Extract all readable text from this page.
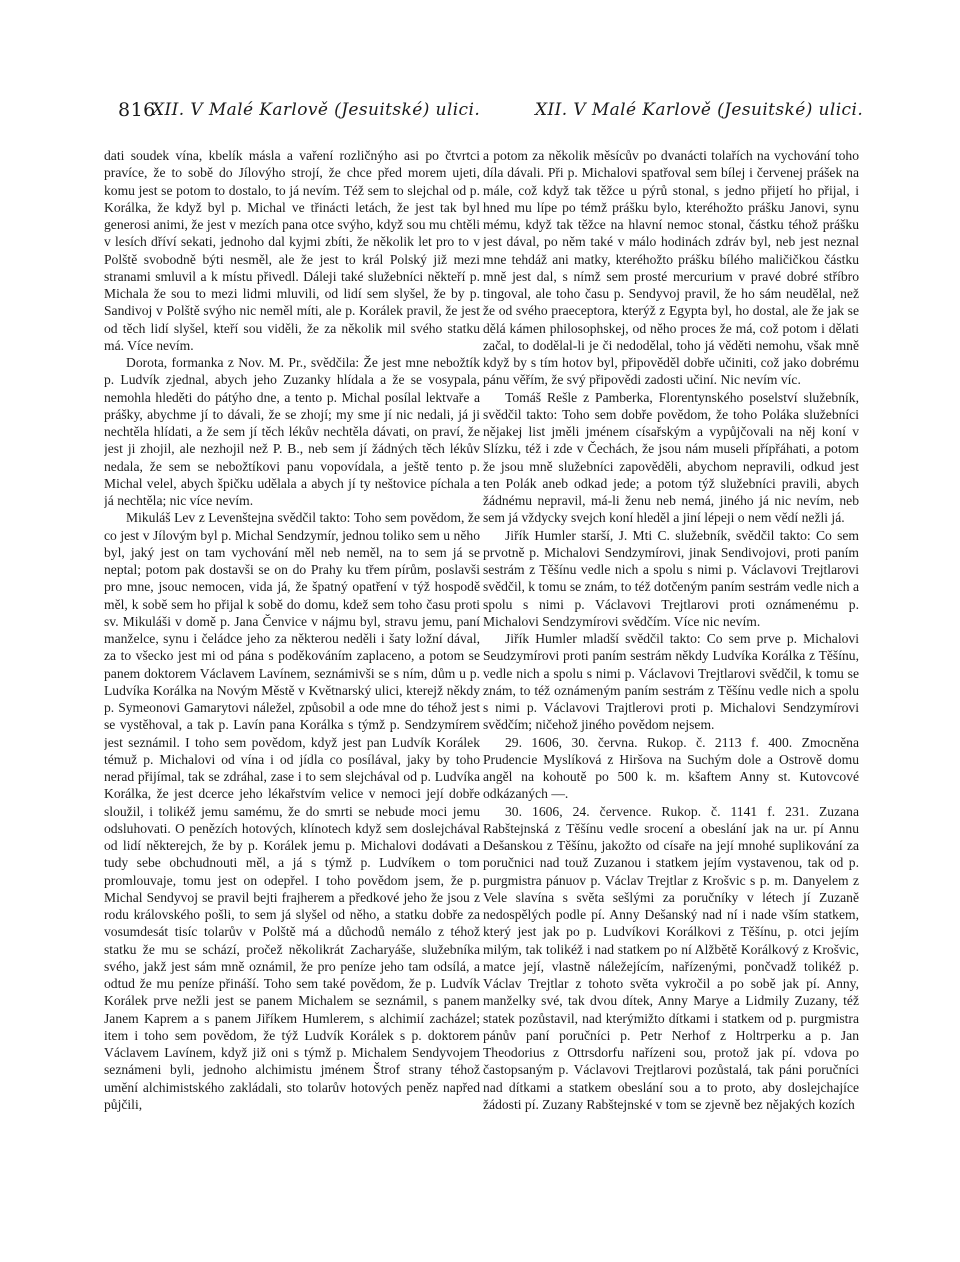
816
XII. V Malé Karlově (Jesuitské) ulici.	XII. V Malé Karlově (Jesuitské) ulici.

dati soudek vína, kbelík másla a vaření rozličnýho asi po čtvrtci pravíce, že to sobě do Jílovýho strojí, že chce před morem ujeti, komu jest se potom to dostalo, to já nevím. Též sem to slejchal od p. Korálka, že když byl p. Michal ve třinácti letách, že jest tak byl generosi animi, že jest v mezích pana otce svýho, když sou mu chtěli v lesích dříví sekati, jednoho dal kyjmi zbíti, že několik let pro to v Polště svobodně býti nesměl, ale že jest to král Polský již mezi stranami smluvil a k místu přivedl. Dáleji také služebníci někteří p. Michala že sou to mezi lidmi mluvili, od lidí sem slyšel, že by p. Sandivoj v Polště svýho nic neměl míti, ale p. Korálek pravil, že jest od těch lidí slyšel, kteří sou viděli, že za několik mil svého statku má. Více nevím.

Dorota, formanka z Nov. M. Pr., svědčila: Že jest mne nebožtík p. Ludvík zjednal, abych jeho Zuzanky hlídala a že se vosypala, nemohla hleděti do pátýho dne, a tento p. Michal posílal lektvaře a prášky, abychme jí to dávali, že se zhojí; my sme jí nic nedali, já ji nechtěla hlídati, a že sem jí těch lékův nechtěla dávati, on praví, že jest ji zhojil, ale nezhojil než P. B., neb sem jí žádných těch lékův nedala, že sem se nebožtíkovi panu vopovídala, a ještě tento p. Michal velel, abych špičku udělala a abych jí ty neštovice píchala a já nechtěla; nic více nevím.

Mikuláš Lev z Levenštejna svědčil takto: Toho sem povědom, že co jest v Jílovým byl p. Michal Sendzymír, jednou toliko sem u něho byl, jaký jest on tam vychování měl neb neměl, na to sem já se neptal; potom pak dostavši se on do Prahy ku třem pírům, poslavši pro mne, jsouc nemocen, vida já, že špatný opatření v týž hospodě měl, k sobě sem ho přijal k sobě do domu, kdež sem toho času proti sv. Mikuláši v domě p. Jana Čenvice v nájmu byl, stravu jemu, paní manželce, synu i čeládce jeho za některou neděli i šaty ložní dával, za to všecko jest mi od pána s poděkováním zaplaceno, a potom se panem doktorem Václavem Lavínem, seznámivši se s ním, dům u p. Ludvíka Korálka na Novým Městě v Květnarský ulici, kterejž někdy p. Symeonovi Gamarytovi náležel, způsobil a ode mne do téhož jest se vystěhoval, a tak p. Lavín pana Korálka s týmž p. Sendzymírem jest seznámil. I toho sem povědom, když jest pan Ludvík Korálek témuž p. Michalovi od vína i od jídla co posílával, jaky by toho nerad přijímal, tak se zdráhal, zase i to sem slejchával od p. Ludvíka Korálka, že jest dcerce jeho lékařstvím velice v nemoci její dobře sloužil, i tolikéž jemu samému, že do smrti se nebude moci jemu odsluhovati. O penězích hotových, klínotech když sem doslejchával od lidí některejch, že by p. Korálek jemu p. Michalovi dodávati a tudy sebe obchudnouti měl, a já s týmž p. Ludvíkem o tom promlouvaje, tomu jest on odepřel. I toho povědom jsem, že p. Michal Sendyvoj se pravil bejti frajherem a předkové jeho že jsou z rodu královského pošli, to sem já slyšel od něho, a statku dobře za vosumdesát tisíc tolarův v Polště má a důchodů nemálo z téhož statku že mu se schází, pročež několikrát Zacharyáše, služebníka svého, jakž jest sám mně oznámil, že pro peníze jeho tam odsílá, a odtud že mu peníze přináší. Toho sem také povědom, že p. Ludvík Korálek prve nežli jest se panem Michalem se seznámil, s panem Janem Kaprem a s panem Jiříkem Humlerem, s alchimií zacházel; item i toho sem povědom, že týž Ludvík Korálek s p. doktorem Václavem Lavínem, když již oni s týmž p. Michalem Sendyvojem seznámeni byli, jednoho alchimistu jménem Štrof strany téhož umění alchimistského zakládali, sto tolarův hotových peněz napřed půjčili,

a potom za několik měsícův po dvanácti tolařích na vychování toho díla dávali. Při p. Michalovi spatřoval sem bílej i červenej prášek na mále, což když tak těžce u pýrů stonal, s jedno přijetí ho přijal, i hned mu lípe po témž prášku bylo, kteréhožto prášku Janovi, synu mému, když tak těžce na hlavní nemoc stonal, částku téhož prášku jest dával, po něm také v málo hodinách zdráv byl, neb jest neznal mne tehdáž ani matky, kteréhožto prášku bílého maličičkou částku mně jest dal, s nímž sem prosté mercurium v pravé dobré stříbro tingoval, ale toho času p. Sendyvoj pravil, že ho sám neudělal, než že od svého praeceptora, kterýž z Egypta byl, ho dostal, ale že jak se dělá kámen philosophskej, od něho proces že má, což potom i dělati začal, to dodělal-li je či nedodělal, toho já věděti nemohu, však mně když by s tím hotov byl, připověděl dobře učiniti, což jako dobrému pánu věřím, že svý připovědi zadosti učiní. Nic nevím víc.

Tomáš Rešle z Pamberka, Florentynského poselství služebník, svědčil takto: Toho sem dobře povědom, že toho Poláka služebníci nějakej list jměli jménem císařským a vypůjčovali na něj koní v Slízku, též i zde v Čechách, že jsou nám museli přípřáhati, a potom že jsou mně služebníci zapověděli, abychom nepravili, odkud jest ten Polák aneb odkad jede; a potom týž služebníci pravili, abych žádnému nepravil, má-li ženu neb nemá, jiného já nic nevím, neb sem já vždycky svejch koní hleděl a jiní lépeji o nem vědí nežli já.

Jiřík Humler starší, J. Mti C. služebník, svědčil takto: Co sem prvotně p. Michalovi Sendzymírovi, jinak Sendivojovi, proti paním sestrám z Těšínu vedle nich a spolu s nimi p. Václavovi Trejtlarovi svědčil, k tomu se znám, to též dotčeným paním sestrám vedle nich a spolu s nimi p. Václavovi Trejtlarovi proti oznámenému p. Michalovi Sendzymírovi svědčím. Více nic nevím.

Jiřík Humler mladší svědčil takto: Co sem prve p. Michalovi Seudzymírovi proti paním sestrám někdy Ludvíka Korálka z Těšínu, vedle nich a spolu s nimi p. Václavovi Trejtlarovi svědčil, k tomu se znám, to též oznámeným paním sestrám z Těšínu vedle nich a spolu s nimi p. Václavovi Trajtlerovi proti p. Michalovi Sendzymírovi svědčím; ničehož jiného povědom nejsem.

29. 1606, 30. června. Rukop. č. 2113 f. 400. Zmocněna Prudencie Myslíková z Hiršova na Suchým dole a Ostrově domu angěl na kohoutě po 500 k. m. kšaftem Anny st. Kutovcové odkázaných —.

30. 1606, 24. července. Rukop. č. 1141 f. 231. Zuzana Rabštejnská z Těšínu vedle srocení a obeslání jak na ur. pí Annu Dešanskou z Těšínu, jakožto od císaře na její mnohé suplikování za poručnici nad touž Zuzanou i statkem jejím vystavenou, tak od p. purgmistra pánuov p. Václav Trejtlar z Krošvic s p. m. Danyelem z Vele slavína s světa sešlými za poručníky v létech jí Zuzaně nedospělých podle pí. Anny Dešanský nad ní i nade vším statkem, který jest jak po p. Ludvíkovi Korálkovi z Těšínu, p. otci jejím milým, tak tolikéž i nad statkem po ní Alžbětě Korálkový z Krošvic, matce její, vlastně náležejícím, nařízenými, pončvadž tolikéž p. Václav Trejtlar z tohoto světa vykročil a po sobě jak pí. Anny, manželky své, tak dvou dítek, Anny Marye a Lidmily Zuzany, též statek pozůstavil, nad kterýmižto dítkami i statkem od p. purgmistra pánův paní poručníci p. Petr Nerhof z Holtrperku a p. Jan Theodorius z Ottrsdorfu nařízeni sou, protož jak pí. vdova po častopsaným p. Václavovi Trejtlarovi pozůstalá, tak páni poručníci nad dítkami a statkem obeslání sou a to proto, aby doslejchajíce žádosti pí. Zuzany Rabštejnské v tom se zjevně bez nějakých kozích
